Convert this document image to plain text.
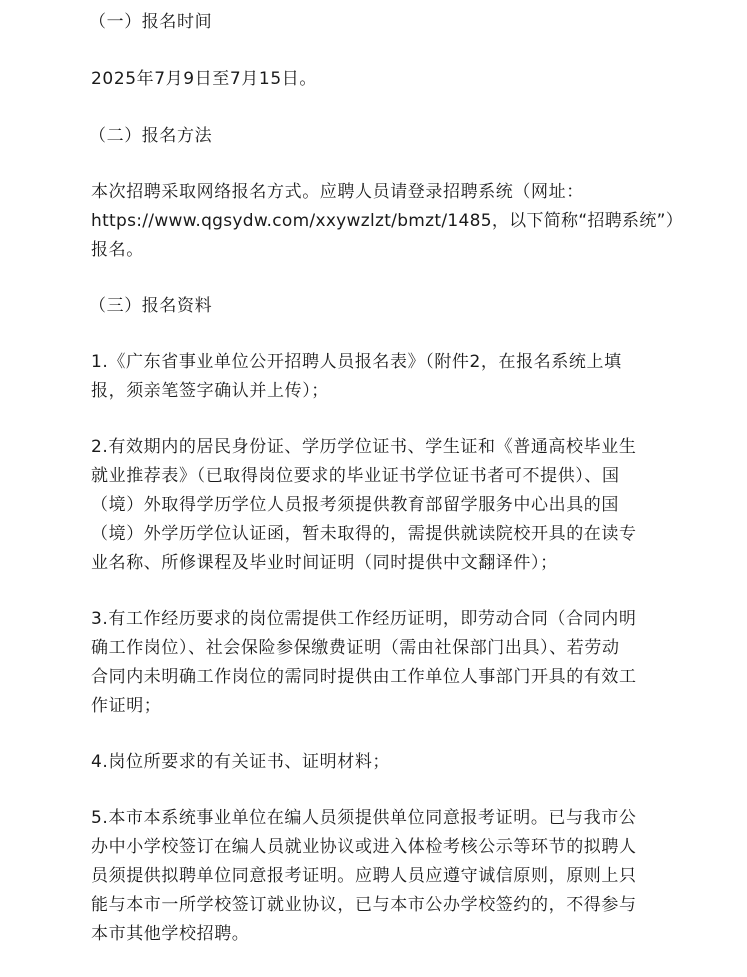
（一）报名时间
2025年7月9日至7月15日。
（二）报名方法
本次招聘采取网络报名方式。应聘人员请登录招聘系统（网址：
https://www.qgsydw.com/xxywzlzt/bmzt/1485，以下简称“招聘系统”）
报名。
（三）报名资料
1.《广东省事业单位公开招聘人员报名表》（附件2，在报名系统上填
报，须亲笔签字确认并上传）；
2.有效期内的居民身份证、学历学位证书、学生证和《普通高校毕业生
就业推荐表》（已取得岗位要求的毕业证书学位证书者可不提供）、国
（境）外取得学历学位人员报考须提供教育部留学服务中心出具的国
（境）外学历学位认证函，暂未取得的，需提供就读院校开具的在读专
业名称、所修课程及毕业时间证明（同时提供中文翻译件）；
3.有工作经历要求的岗位需提供工作经历证明，即劳动合同（合同内明
确工作岗位）、社会保险参保缴费证明（需由社保部门出具）、若劳动
合同内未明确工作岗位的需同时提供由工作单位人事部门开具的有效工
作证明；
4.岗位所要求的有关证书、证明材料；
5.本市本系统事业单位在编人员须提供单位同意报考证明。已与我市公
办中小学校签订在编人员就业协议或进入体检考核公示等环节的拟聘人
员须提供拟聘单位同意报考证明。应聘人员应遵守诚信原则，原则上只
能与本市一所学校签订就业协议，已与本市公办学校签约的，不得参与
本市其他学校招聘。
